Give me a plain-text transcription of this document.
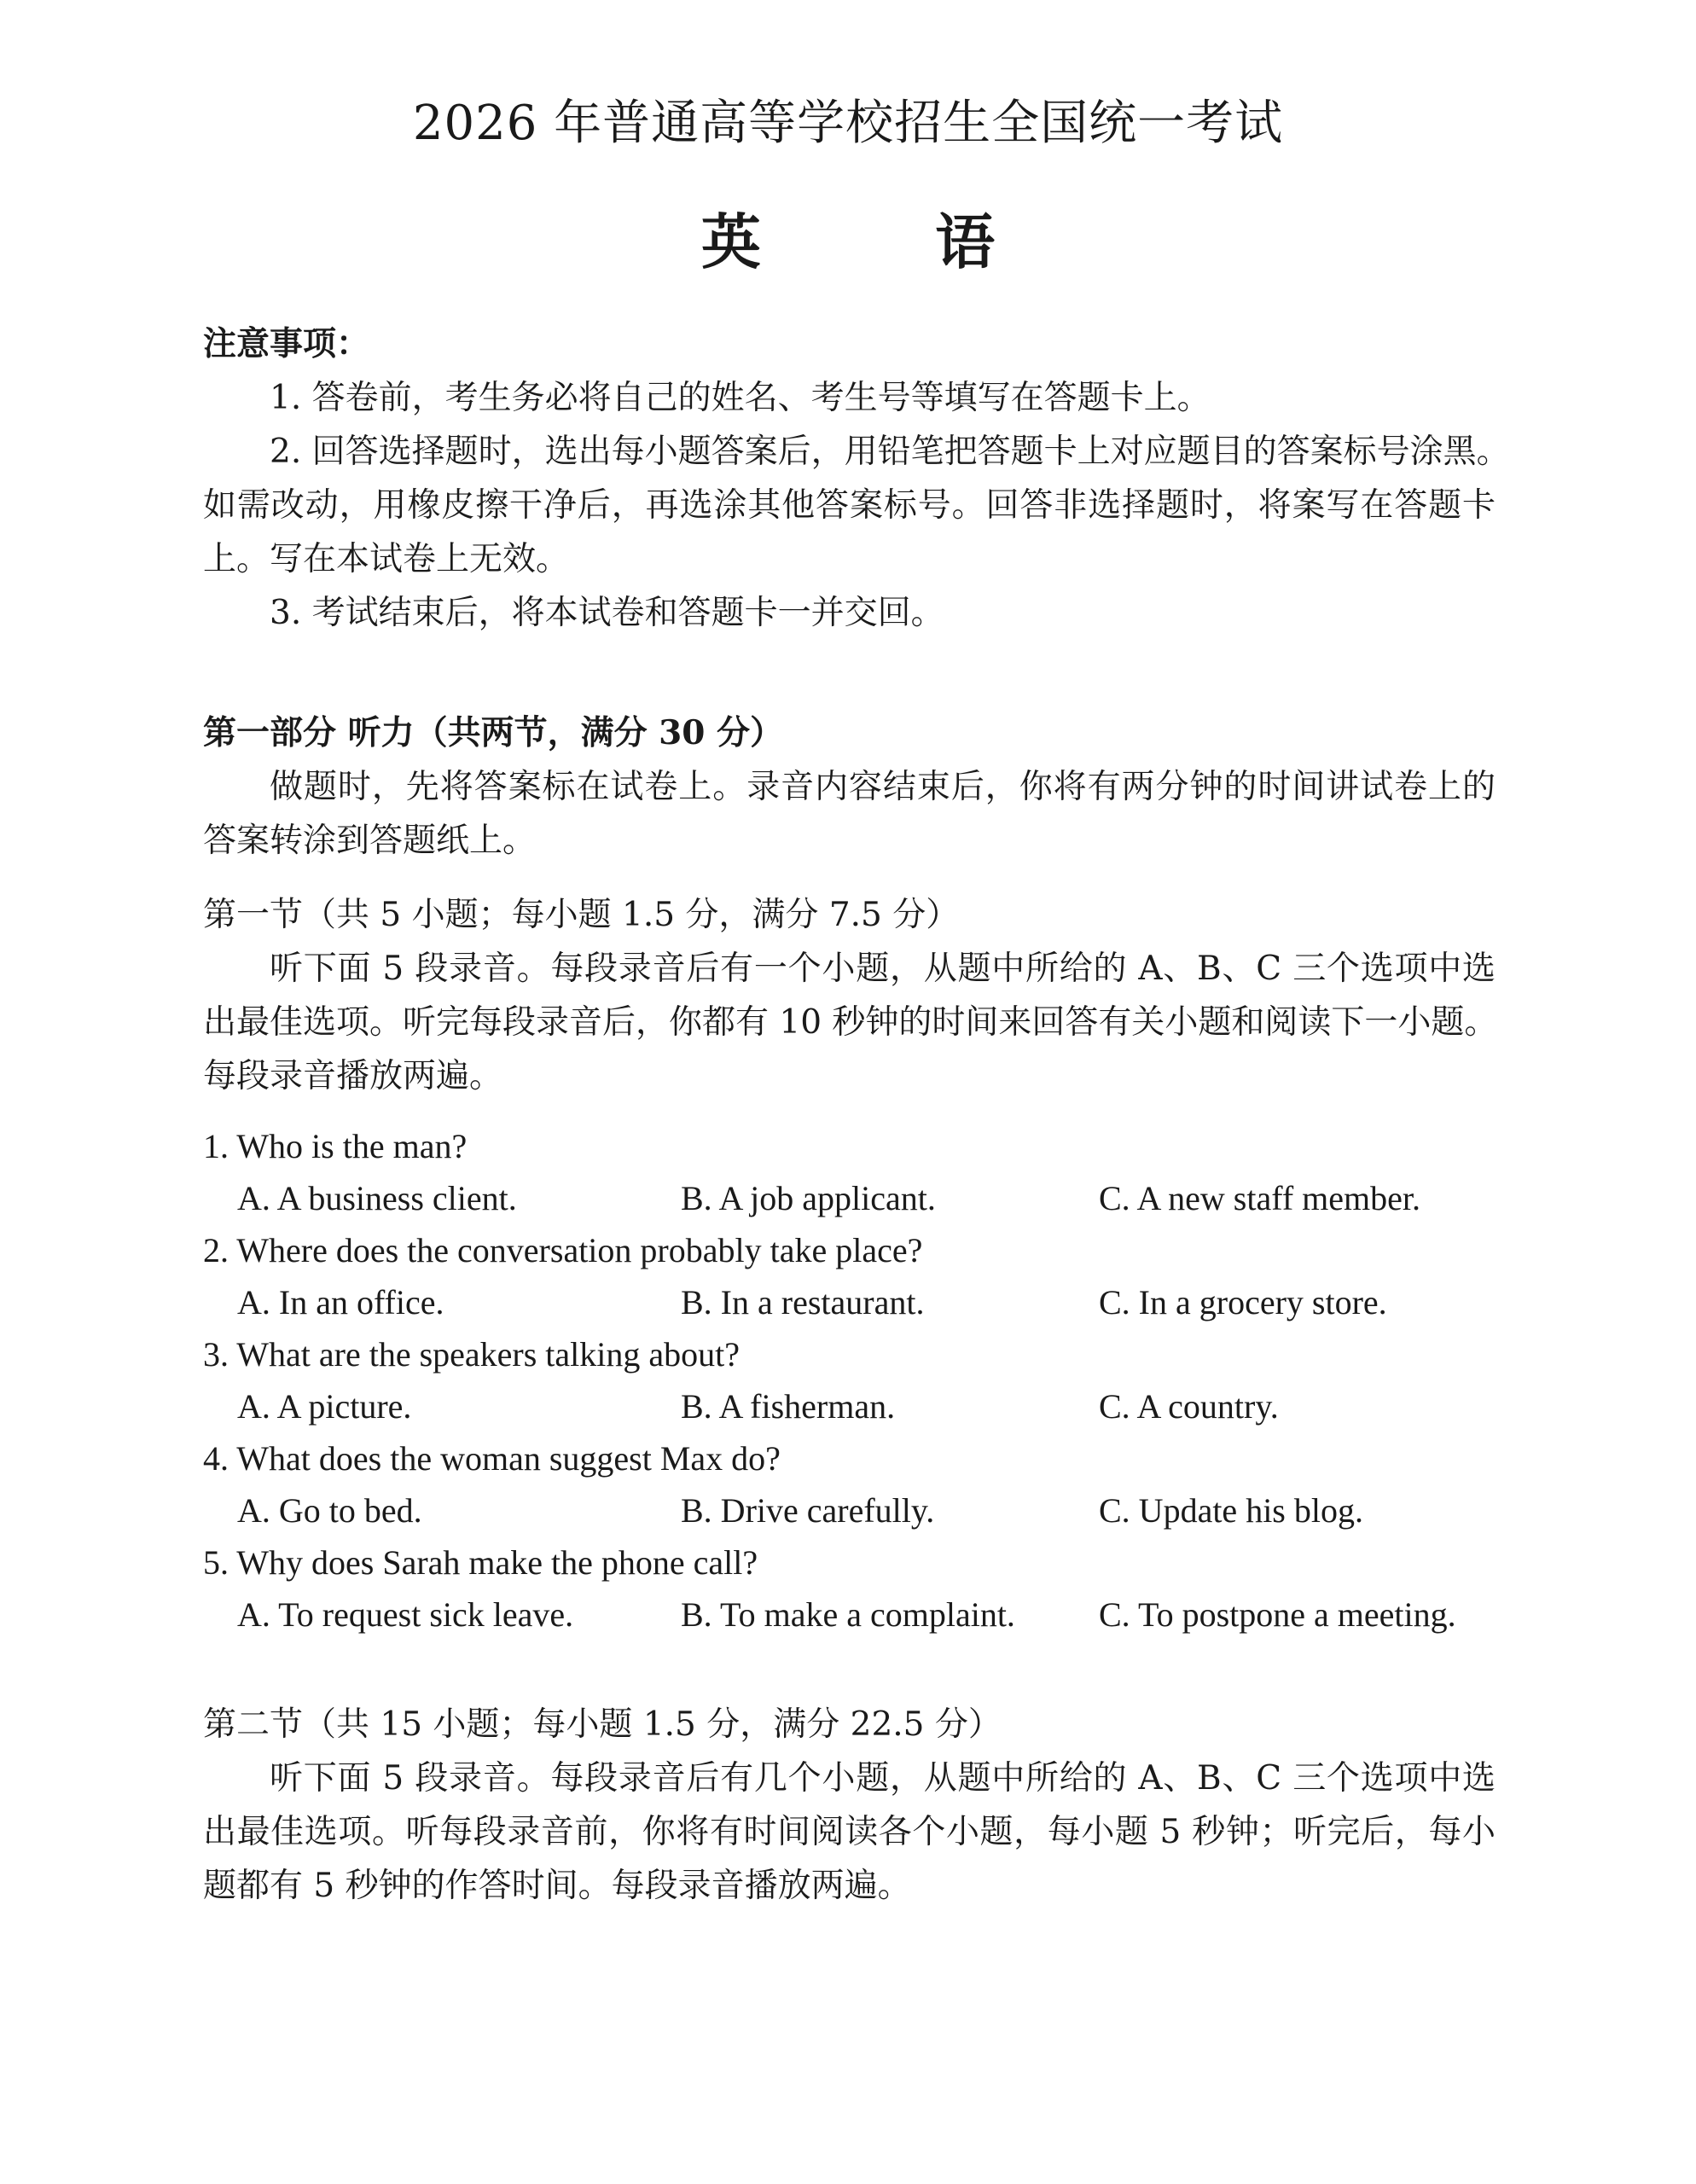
2026 年普通高等学校招生全国统一考试
英 语
注意事项：
1. 答卷前，考生务必将自己的姓名、考生号等填写在答题卡上。
2. 回答选择题时，选出每小题答案后，用铅笔把答题卡上对应题目的答案标号涂黑。
如需改动，用橡皮擦干净后，再选涂其他答案标号。回答非选择题时，将案写在答题卡
上。写在本试卷上无效。
3. 考试结束后，将本试卷和答题卡一并交回。
第一部分 听力（共两节，满分 30 分）
做题时，先将答案标在试卷上。录音内容结束后，你将有两分钟的时间讲试卷上的
答案转涂到答题纸上。
第一节（共 5 小题；每小题 1.5 分，满分 7.5 分）
听下面 5 段录音。每段录音后有一个小题，从题中所给的 A、B、C 三个选项中选
出最佳选项。听完每段录音后，你都有 10 秒钟的时间来回答有关小题和阅读下一小题。
每段录音播放两遍。
1. Who is the man?
A. A business client.	B. A job applicant.	C. A new staff member.
2. Where does the conversation probably take place?
A. In an office.	B. In a restaurant.	C. In a grocery store.
3. What are the speakers talking about?
A. A picture.	B. A fisherman.	C. A country.
4. What does the woman suggest Max do?
A. Go to bed.	B. Drive carefully.	C. Update his blog.
5. Why does Sarah make the phone call?
A. To request sick leave.	B. To make a complaint. C. To postpone a meeting.
第二节（共 15 小题；每小题 1.5 分，满分 22.5 分）
听下面 5 段录音。每段录音后有几个小题，从题中所给的 A、B、C 三个选项中选
出最佳选项。听每段录音前，你将有时间阅读各个小题，每小题 5 秒钟；听完后，每小
题都有 5 秒钟的作答时间。每段录音播放两遍。
